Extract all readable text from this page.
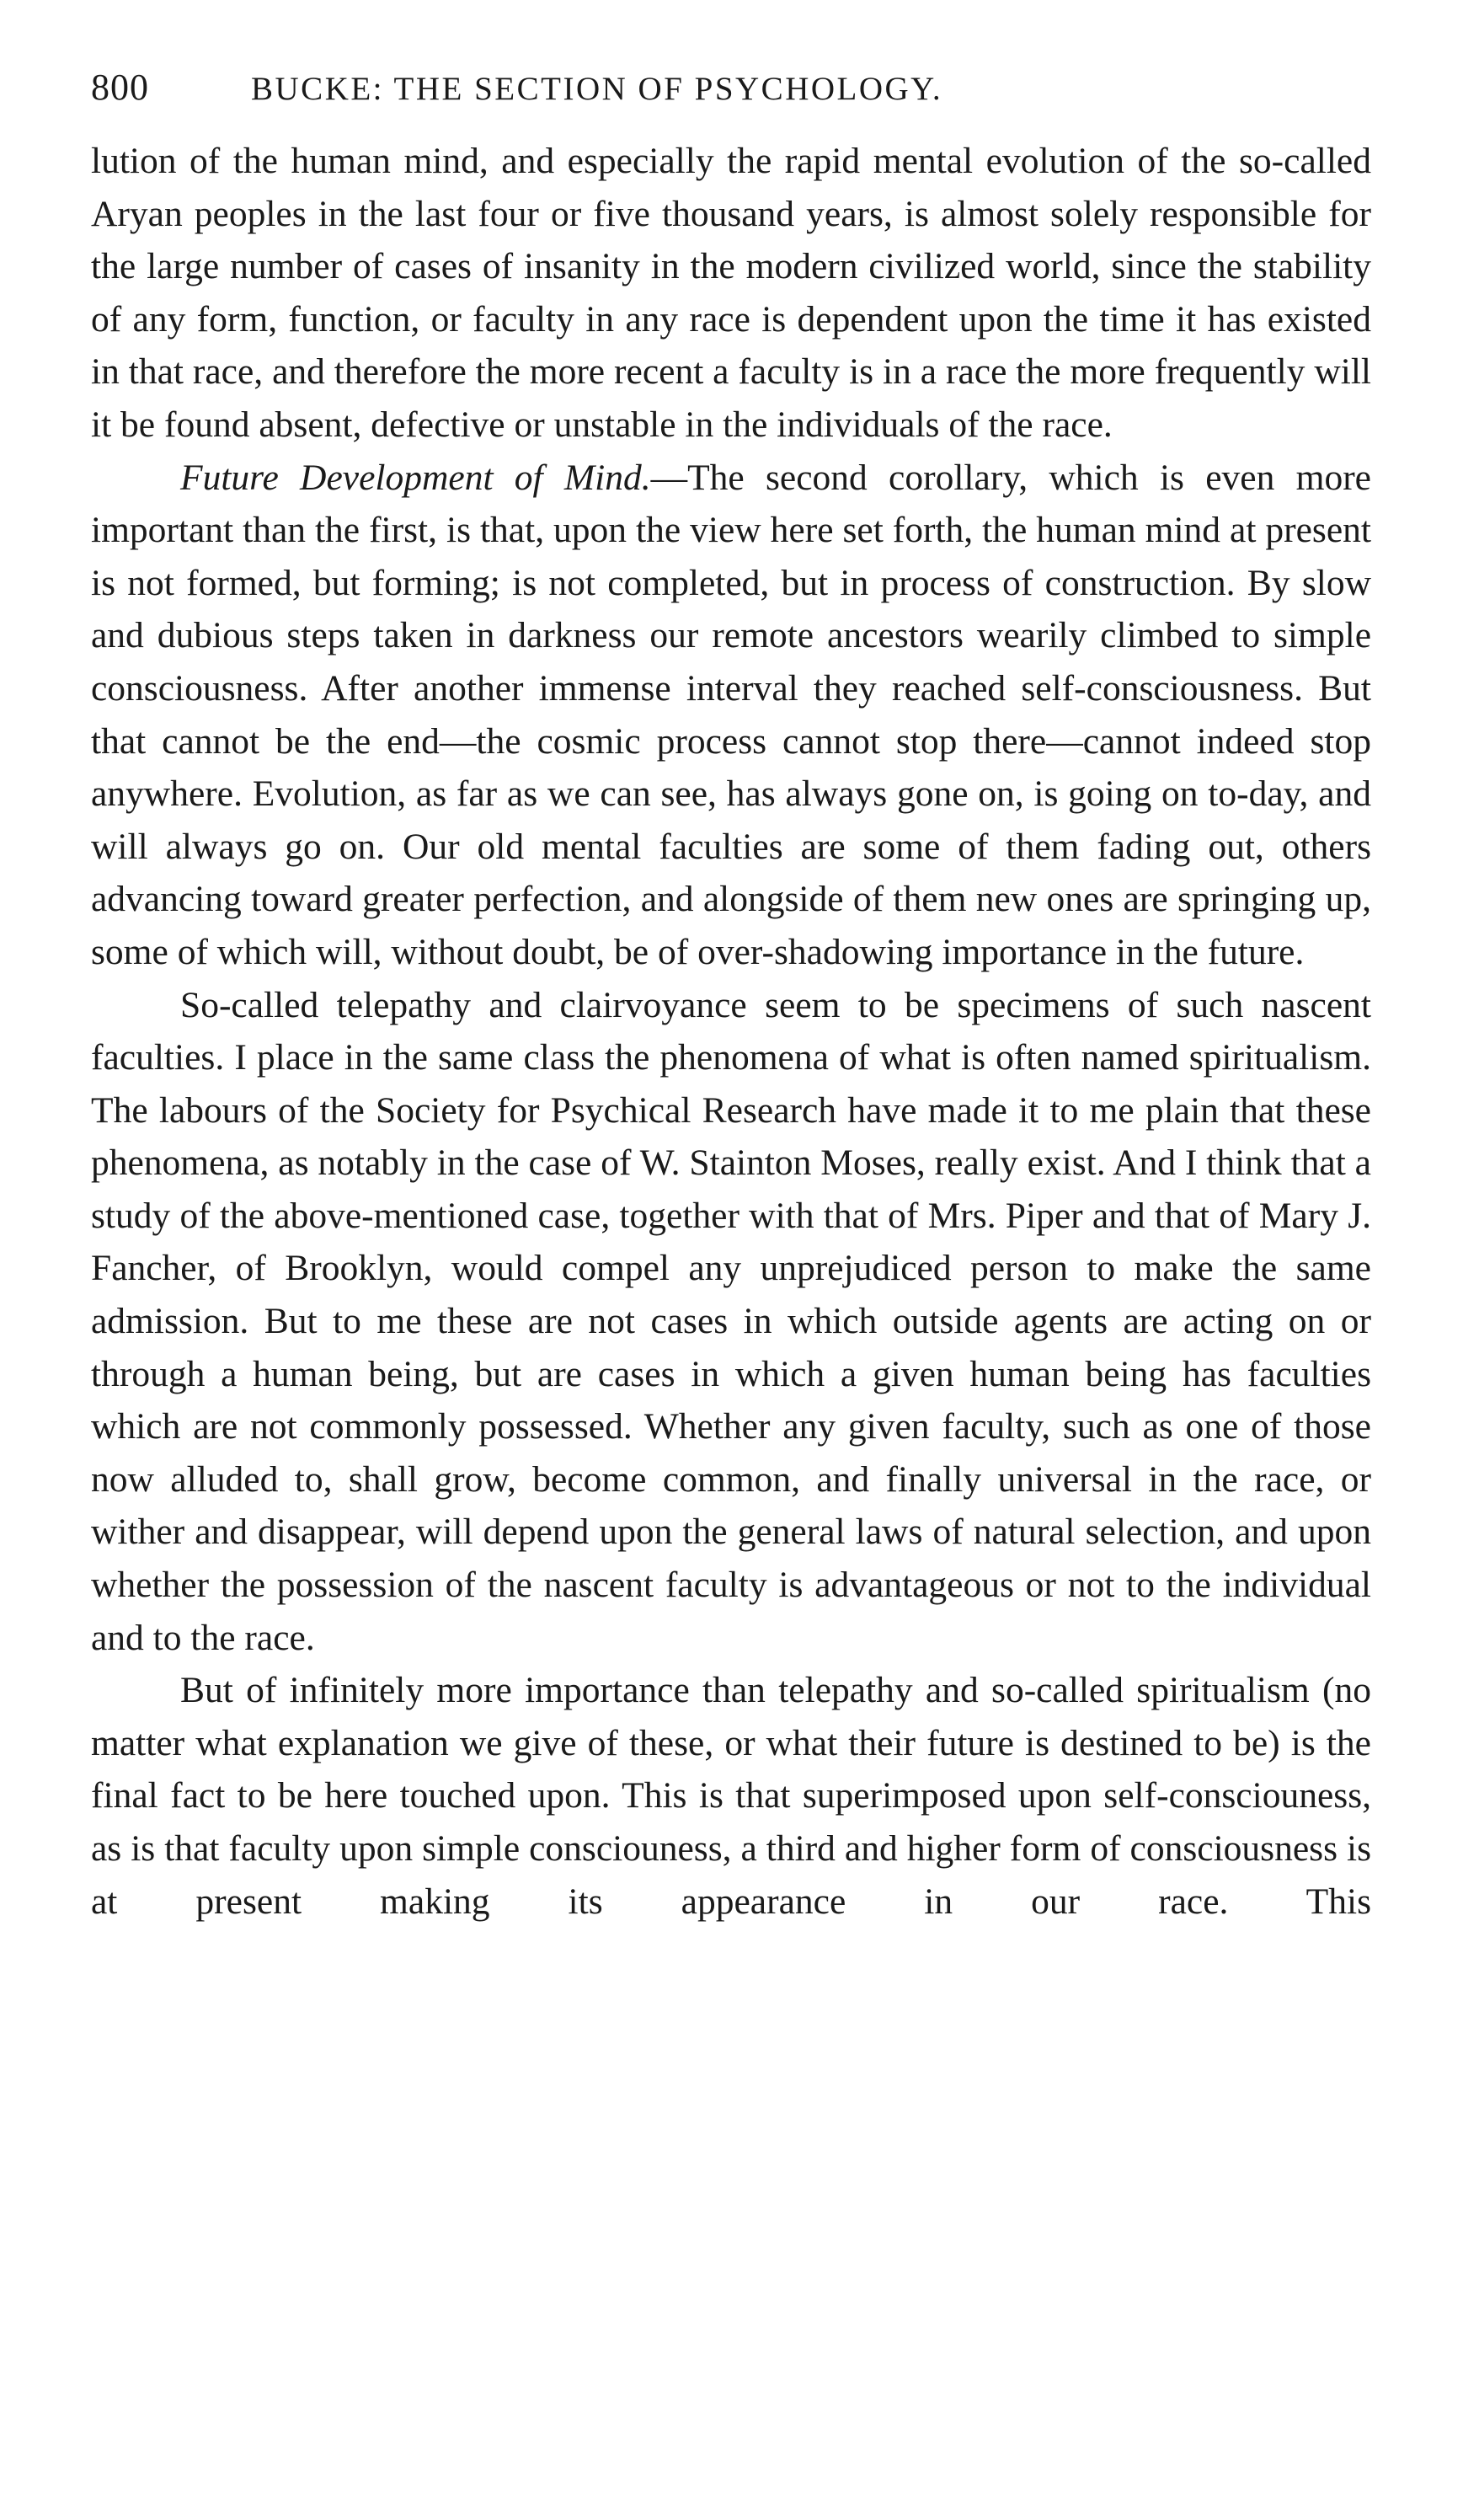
800	BUCKE: THE SECTION OF PSYCHOLOGY.

lution of the human mind, and especially the rapid mental evolution of the so-called Aryan peoples in the last four or five thousand years, is almost solely responsible for the large number of cases of insanity in the modern civilized world, since the stability of any form, function, or faculty in any race is dependent upon the time it has existed in that race, and therefore the more recent a faculty is in a race the more frequently will it be found absent, defective or unstable in the individuals of the race.

Future Development of Mind.—The second corollary, which is even more important than the first, is that, upon the view here set forth, the human mind at present is not formed, but forming; is not completed, but in process of construction. By slow and dubious steps taken in darkness our remote ancestors wearily climbed to simple consciousness. After another immense interval they reached self-consciousness. But that cannot be the end—the cosmic process cannot stop there—cannot indeed stop anywhere. Evolution, as far as we can see, has always gone on, is going on to-day, and will always go on. Our old mental faculties are some of them fading out, others advancing toward greater perfection, and alongside of them new ones are springing up, some of which will, without doubt, be of over-shadowing importance in the future.

So-called telepathy and clairvoyance seem to be specimens of such nascent faculties. I place in the same class the phenomena of what is often named spiritualism. The labours of the Society for Psychical Research have made it to me plain that these phenomena, as notably in the case of W. Stainton Moses, really exist. And I think that a study of the above-mentioned case, together with that of Mrs. Piper and that of Mary J. Fancher, of Brooklyn, would compel any unprejudiced person to make the same admission. But to me these are not cases in which outside agents are acting on or through a human being, but are cases in which a given human being has faculties which are not commonly possessed. Whether any given faculty, such as one of those now alluded to, shall grow, become common, and finally universal in the race, or wither and disappear, will depend upon the general laws of natural selection, and upon whether the possession of the nascent faculty is advantageous or not to the individual and to the race.

But of infinitely more importance than telepathy and so-called spiritualism (no matter what explanation we give of these, or what their future is destined to be) is the final fact to be here touched upon. This is that superimposed upon self-consciouness, as is that faculty upon simple consciouness, a third and higher form of consciousness is at present making its appearance in our race. This
